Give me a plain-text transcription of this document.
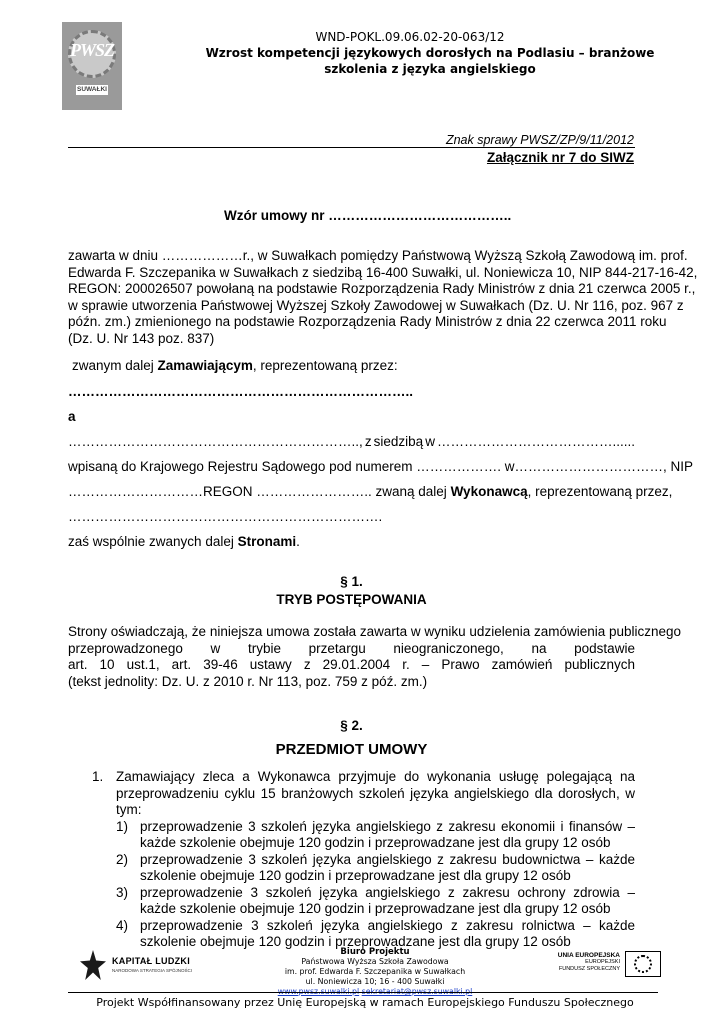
PWSZ
SUWAŁKI
WND-POKL.09.06.02-20-063/12
Wzrost kompetencji językowych dorosłych na Podlasiu – branżowe
szkolenia z języka angielskiego
Znak sprawy PWSZ/ZP/9/11/2012
Załącznik nr 7 do SIWZ
Wzór umowy nr …………………………………..
zawarta w dniu ………………r., w Suwałkach pomiędzy Państwową Wyższą Szkołą Zawodową im. prof.
Edwarda F. Szczepanika w Suwałkach z siedzibą 16-400 Suwałki, ul. Noniewicza 10, NIP 844-217-16-42,
REGON: 200026507 powołaną na podstawie Rozporządzenia Rady Ministrów z dnia 21 czerwca 2005 r.,
w sprawie utworzenia Państwowej Wyższej Szkoły Zawodowej w Suwałkach (Dz. U. Nr 116, poz. 967 z
późn. zm.) zmienionego na podstawie Rozporządzenia Rady Ministrów z dnia 22 czerwca 2011 roku
(Dz. U. Nr 143 poz. 837)
zwanym dalej Zamawiającym, reprezentowaną przez:
…………………………………………………………………..
a
……………………………………………………….., z siedzibą w …………………………………......
wpisaną do Krajowego Rejestru Sądowego pod numerem ………………. w ……………………………, NIP
…………………………REGON …………………….. zwaną dalej Wykonawcą, reprezentowaną przez,
…………………………………………………………….
zaś wspólnie zwanych dalej Stronami.
§ 1.
TRYB POSTĘPOWANIA
Strony oświadczają, że niniejsza umowa została zawarta w wyniku udzielenia zamówienia publicznego
przeprowadzonego w trybie przetargu nieograniczonego, na podstawie
art. 10 ust.1, art. 39-46 ustawy z 29.01.2004 r. – Prawo zamówień publicznych
(tekst jednolity: Dz. U. z 2010 r. Nr 113, poz. 759 z póź. zm.)
§ 2.
PRZEDMIOT UMOWY
1. Zamawiający zleca a Wykonawca przyjmuje do wykonania usługę polegającą na przeprowadzeniu cyklu 15 branżowych szkoleń języka angielskiego dla dorosłych, w tym:
1) przeprowadzenie 3 szkoleń języka angielskiego z zakresu ekonomii i finansów – każde szkolenie obejmuje 120 godzin i przeprowadzane jest dla grupy 12 osób
2) przeprowadzenie 3 szkoleń języka angielskiego z zakresu budownictwa – każde szkolenie obejmuje 120 godzin i przeprowadzane jest dla grupy 12 osób
3) przeprowadzenie 3 szkoleń języka angielskiego z zakresu ochrony zdrowia – każde szkolenie obejmuje 120 godzin i przeprowadzane jest dla grupy 12 osób
4) przeprowadzenie 3 szkoleń języka angielskiego z zakresu rolnictwa – każde szkolenie obejmuje 120 godzin i przeprowadzane jest dla grupy 12 osób
KAPITAŁ LUDZKI
NARODOWA STRATEGIA SPÓJNOŚCI
Biuro Projektu
Państwowa Wyższa Szkoła Zawodowa
im. prof. Edwarda F. Szczepanika w Suwałkach
ul. Noniewicza 10; 16 - 400 Suwałki
www.pwsz.suwalki.pl sekretariat@pwsz.suwalki.pl
UNIA EUROPEJSKA
EUROPEJSKI
FUNDUSZ SPOŁECZNY
Projekt Współfinansowany przez Unię Europejską w ramach Europejskiego Funduszu Społecznego
